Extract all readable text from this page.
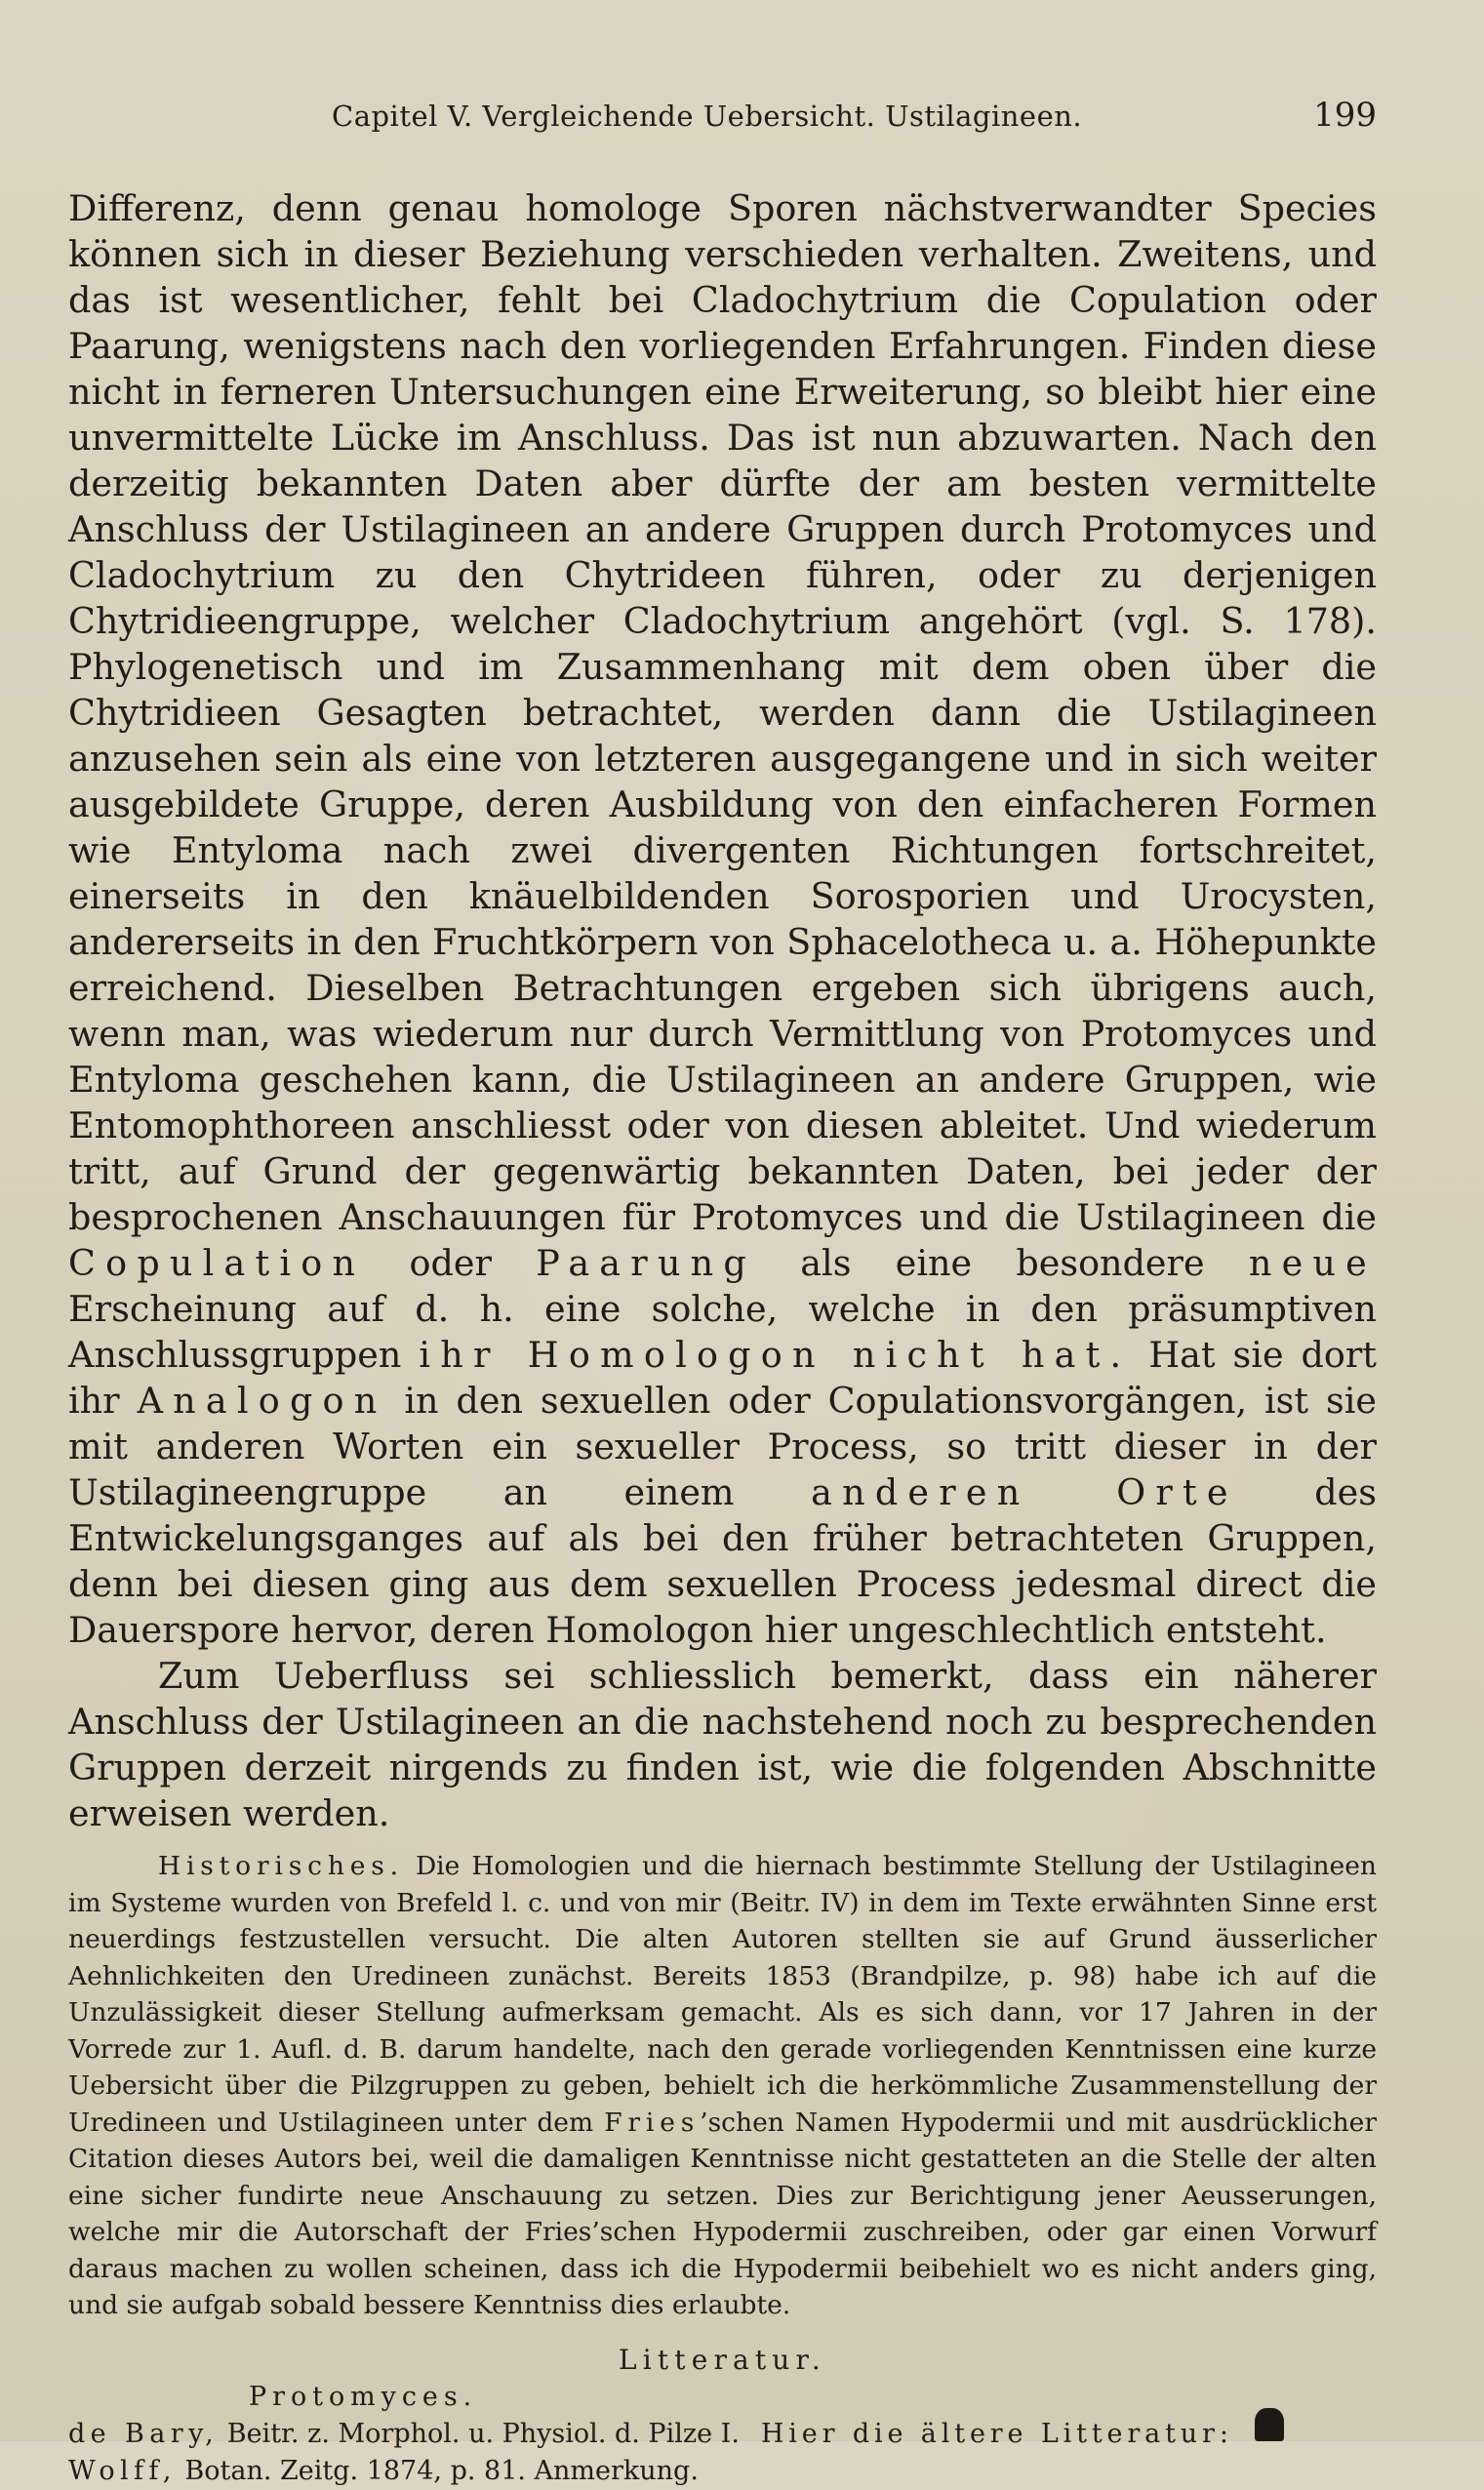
Capitel V. Vergleichende Uebersicht. Ustilagineen.	199

Differenz, denn genau homologe Sporen nächstverwandter Species können sich in dieser Beziehung verschieden verhalten. Zweitens, und das ist wesentlicher, fehlt bei Cladochytrium die Copulation oder Paarung, wenigstens nach den vorliegenden Erfahrungen. Finden diese nicht in ferneren Untersuchungen eine Erweiterung, so bleibt hier eine unvermittelte Lücke im Anschluss. Das ist nun abzuwarten. Nach den derzeitig bekannten Daten aber dürfte der am besten vermittelte Anschluss der Ustilagineen an andere Gruppen durch Protomyces und Cladochytrium zu den Chytrideen führen, oder zu derjenigen Chytridieengruppe, welcher Cladochytrium angehört (vgl. S. 178). Phylogenetisch und im Zusammenhang mit dem oben über die Chytridieen Gesagten betrachtet, werden dann die Ustilagineen anzusehen sein als eine von letzteren ausgegangene und in sich weiter ausgebildete Gruppe, deren Ausbildung von den einfacheren Formen wie Entyloma nach zwei divergenten Richtungen fortschreitet, einerseits in den knäuelbildenden Sorosporien und Urocysten, andererseits in den Fruchtkörpern von Sphacelotheca u. a. Höhepunkte erreichend. Dieselben Betrachtungen ergeben sich übrigens auch, wenn man, was wiederum nur durch Vermittlung von Protomyces und Entyloma geschehen kann, die Ustilagineen an andere Gruppen, wie Entomophthoreen anschliesst oder von diesen ableitet. Und wiederum tritt, auf Grund der gegenwärtig bekannten Daten, bei jeder der besprochenen Anschauungen für Protomyces und die Ustilagineen die Copulation oder Paarung als eine besondere neue Erscheinung auf d. h. eine solche, welche in den präsumptiven Anschlussgruppen ihr Homologon nicht hat. Hat sie dort ihr Analogon in den sexuellen oder Copulationsvorgängen, ist sie mit anderen Worten ein sexueller Process, so tritt dieser in der Ustilagineengruppe an einem anderen Orte des Entwickelungsganges auf als bei den früher betrachteten Gruppen, denn bei diesen ging aus dem sexuellen Process jedesmal direct die Dauerspore hervor, deren Homologon hier ungeschlechtlich entsteht.

Zum Ueberfluss sei schliesslich bemerkt, dass ein näherer Anschluss der Ustilagineen an die nachstehend noch zu besprechenden Gruppen derzeit nirgends zu finden ist, wie die folgenden Abschnitte erweisen werden.

Historisches. Die Homologien und die hiernach bestimmte Stellung der Ustilagineen im Systeme wurden von Brefeld l. c. und von mir (Beitr. IV) in dem im Texte erwähnten Sinne erst neuerdings festzustellen versucht. Die alten Autoren stellten sie auf Grund äusserlicher Aehnlichkeiten den Uredineen zunächst. Bereits 1853 (Brandpilze, p. 98) habe ich auf die Unzulässigkeit dieser Stellung aufmerksam gemacht. Als es sich dann, vor 17 Jahren in der Vorrede zur 1. Aufl. d. B. darum handelte, nach den gerade vorliegenden Kenntnissen eine kurze Uebersicht über die Pilzgruppen zu geben, behielt ich die herkömmliche Zusammenstellung der Uredineen und Ustilagineen unter dem Fries’schen Namen Hypodermii und mit ausdrücklicher Citation dieses Autors bei, weil die damaligen Kenntnisse nicht gestatteten an die Stelle der alten eine sicher fundirte neue Anschauung zu setzen. Dies zur Berichtigung jener Aeusserungen, welche mir die Autorschaft der Fries’schen Hypodermii zuschreiben, oder gar einen Vorwurf daraus machen zu wollen scheinen, dass ich die Hypodermii beibehielt wo es nicht anders ging, und sie aufgab sobald bessere Kenntniss dies erlaubte.

Litteratur.
Protomyces.

de Bary, Beitr. z. Morphol. u. Physiol. d. Pilze I. Hier die ältere Litteratur:

Wolff, Botan. Zeitg. 1874, p. 81. Anmerkung.
